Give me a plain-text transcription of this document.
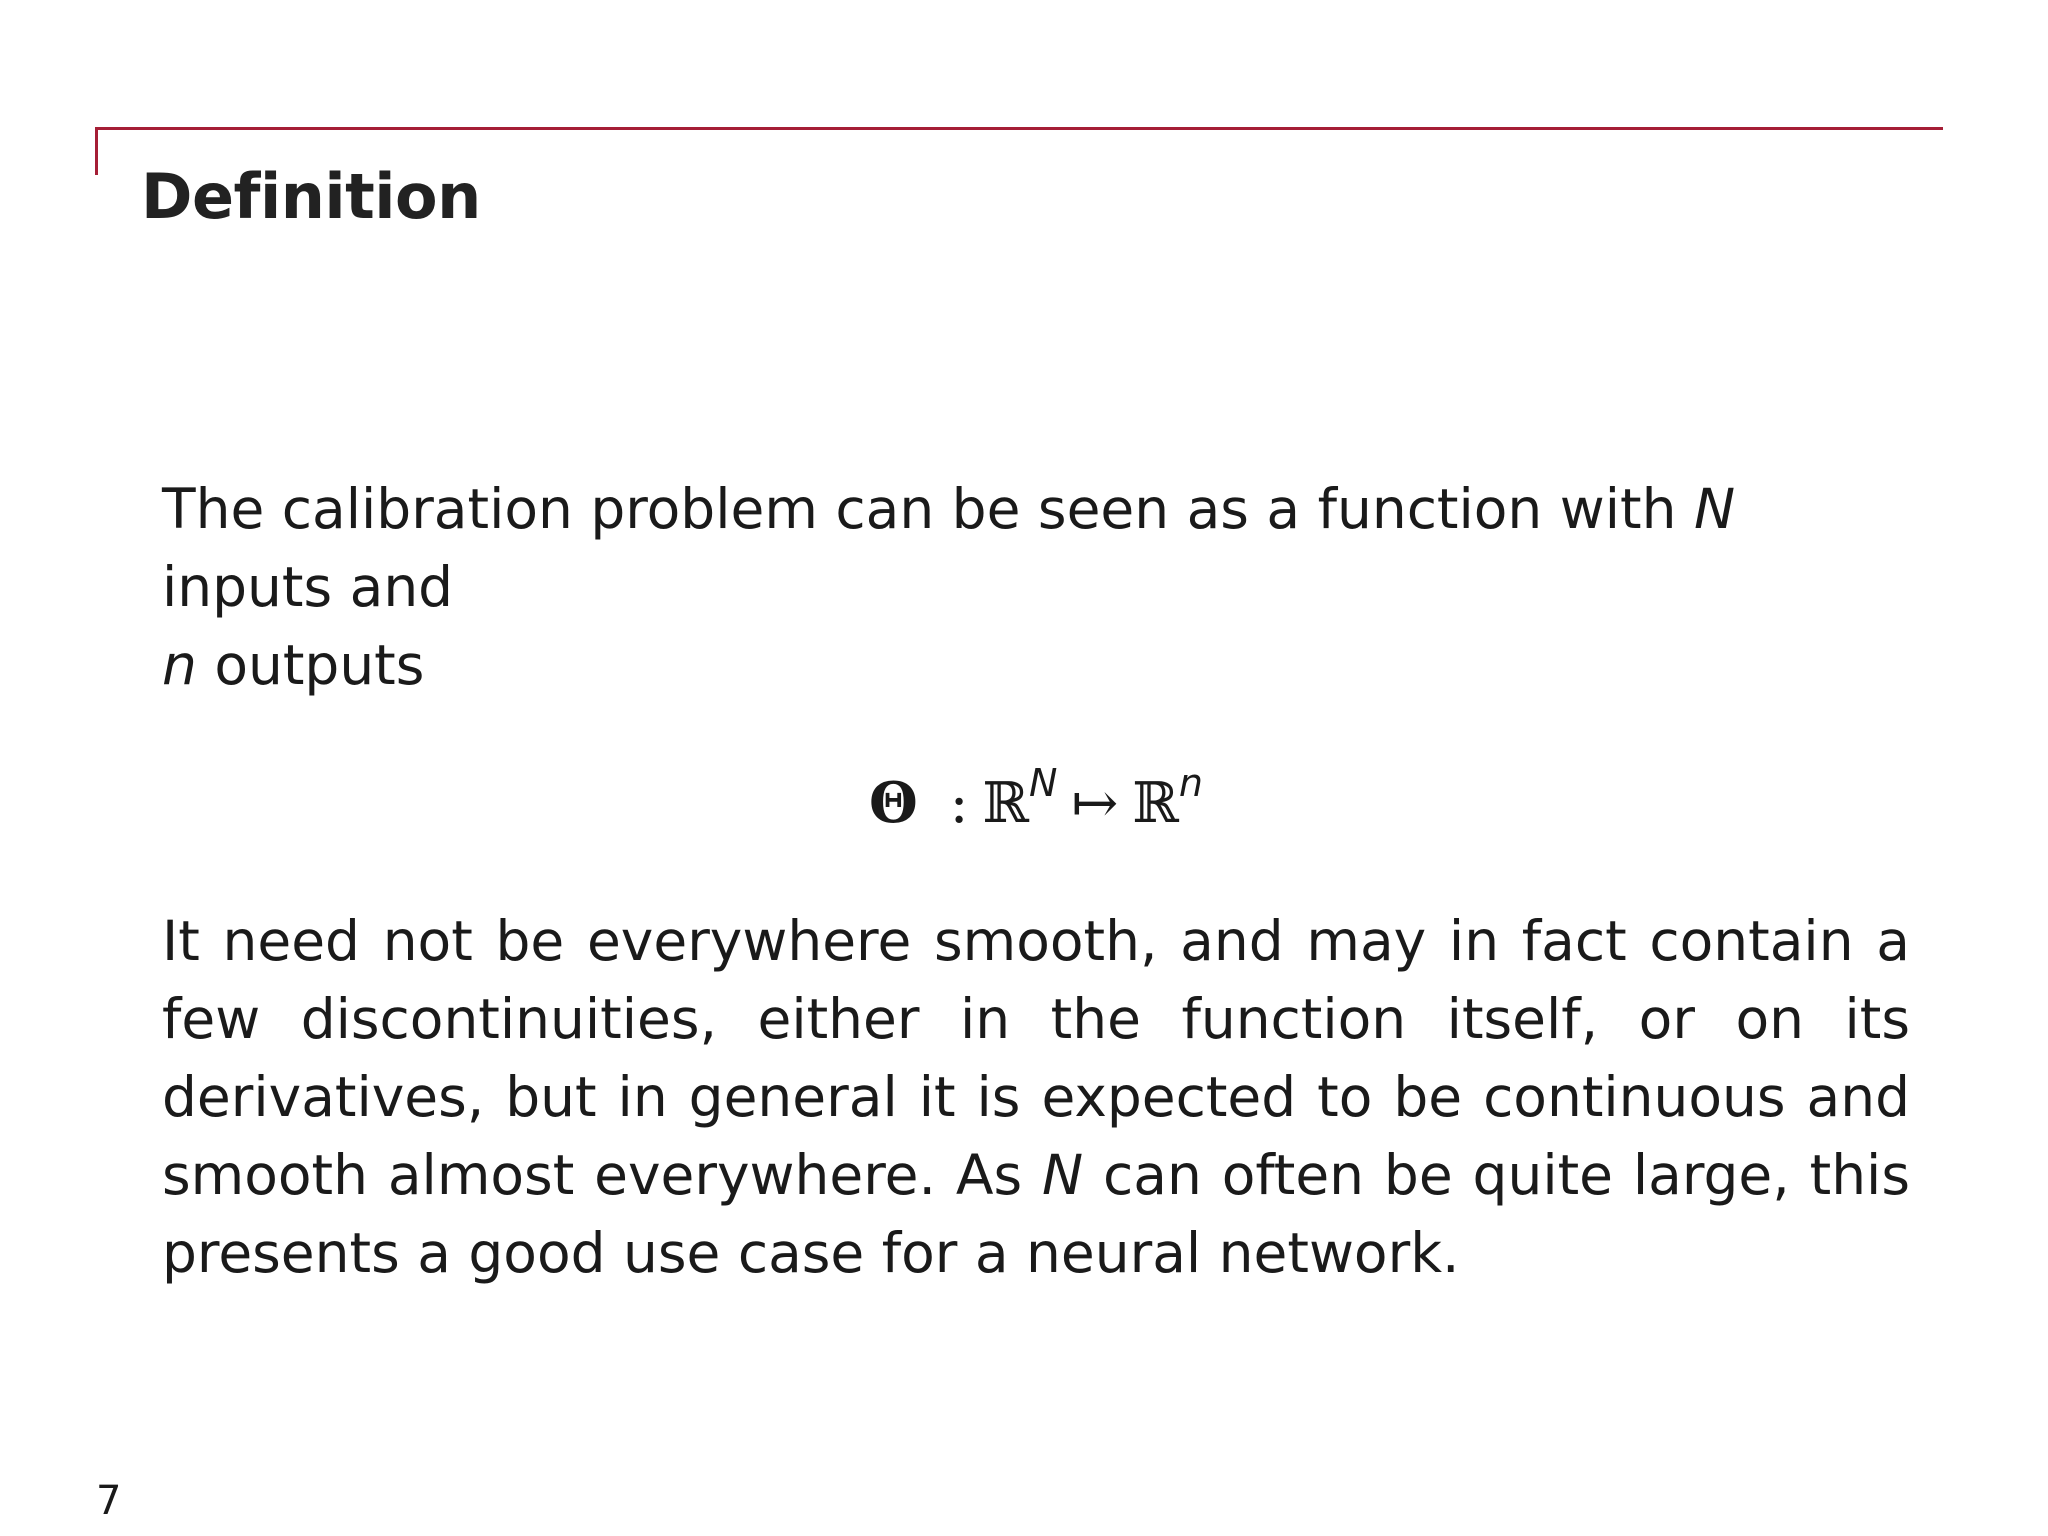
Definition

The calibration problem can be seen as a function with N inputs and
n outputs

Θ : ℝ$^N$ ↦ ℝ$^n$

It need not be everywhere smooth, and may in fact contain a few discontinuities, either in the function itself, or on its derivatives, but in general it is expected to be continuous and smooth almost everywhere. As N can often be quite large, this presents a good use case for a neural network.

7
